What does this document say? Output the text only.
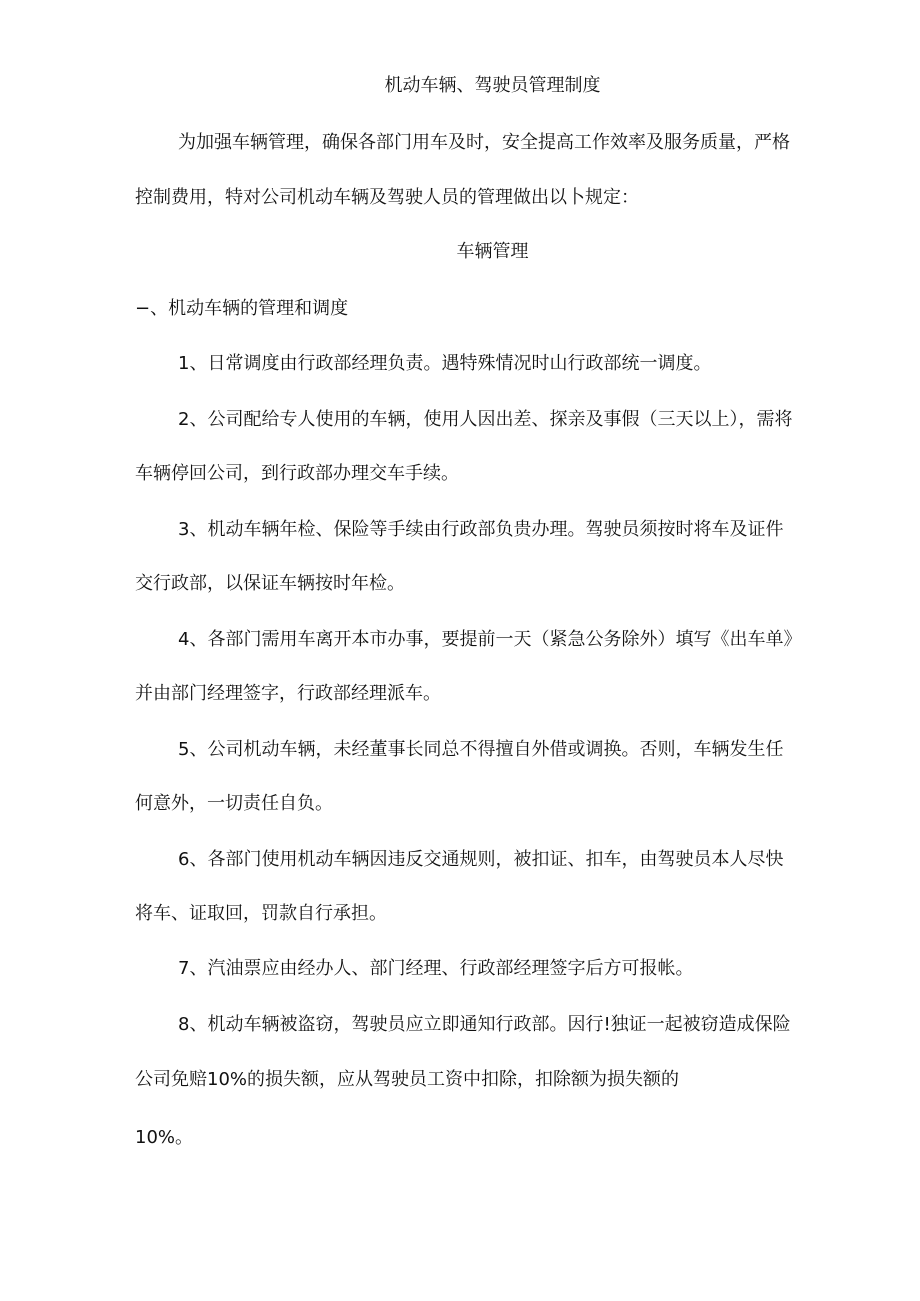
机动车辆、驾驶员管理制度
为加强车辆管理，确保各部门用车及时，安全提高工作效率及服务质量，严格
控制费用，特对公司机动车辆及驾驶人员的管理做出以卜规定：
车辆管理
−、机动车辆的管理和调度
1、日常调度由行政部经理负责。遇特殊情况时山行政部统一调度。
2、公司配给专人使用的车辆，使用人因出差、探亲及事假（三天以上），需将
车辆停回公司，到行政部办理交车手续。
3、机动车辆年检、保险等手续由行政部负贵办理。驾驶员须按时将车及证件
交行政部，以保证车辆按时年检。
4、各部门需用车离开本市办事，要提前一天（紧急公务除外）填写《出车单》
并由部门经理签字，行政部经理派车。
5、公司机动车辆，未经董事长同总不得擅自外借或调换。否则，车辆发生任
何意外，一切责任自负。
6、各部门使用机动车辆因违反交通规则，被扣证、扣车，由驾驶员本人尽快
将车、证取回，罚款自行承担。
7、汽油票应由经办人、部门经理、行政部经理签字后方可报帐。
8、机动车辆被盗窃，驾驶员应立即通知行政部。因行!独证一起被窃造成保险
公司免赔10%的损失额，应从驾驶员工资中扣除，扣除额为损失额的
10%。
